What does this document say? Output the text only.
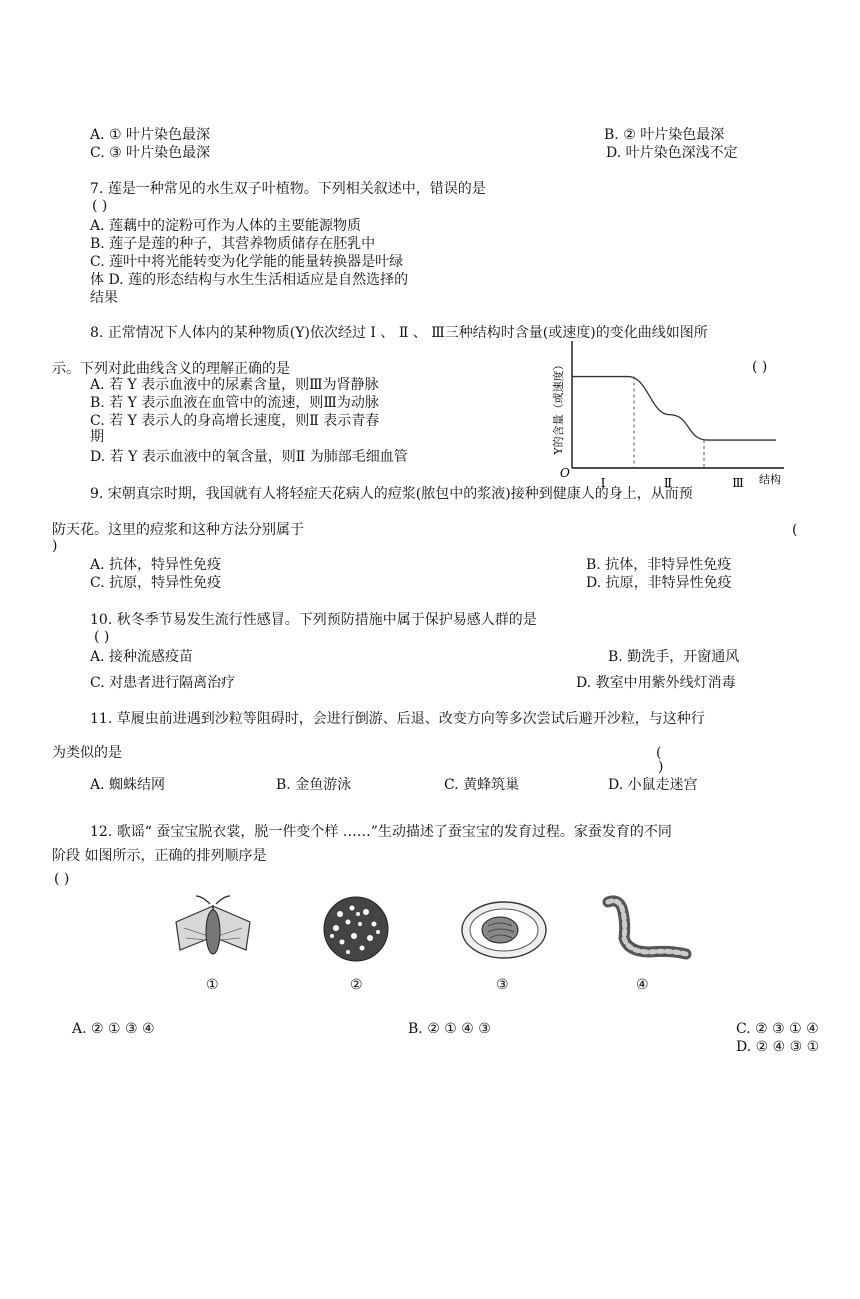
A. ① 叶片染色最深	B. ② 叶片染色最深
C. ③ 叶片染色最深	D. 叶片染色深浅不定
7. 莲是一种常见的水生双子叶植物。下列相关叙述中，错误的是
( )
A. 莲藕中的淀粉可作为人体的主要能源物质
B. 莲子是莲的种子，其营养物质储存在胚乳中
C. 莲叶中将光能转变为化学能的能量转换器是叶绿
体 D. 莲的形态结构与水生生活相适应是自然选择的
结果
8. 正常情况下人体内的某种物质(Y)依次经过 Ⅰ 、 Ⅱ 、 Ⅲ三种结构时含量(或速度)的变化曲线如图所
示。下列对此曲线含义的理解正确的是	( )
A. 若 Y 表示血液中的尿素含量，则Ⅲ为肾静脉
B. 若 Y 表示血液在血管中的流速，则Ⅲ为动脉
C. 若 Y 表示人的身高增长速度，则Ⅱ 表示青春
期
D. 若 Y 表示血液中的氧含量，则Ⅱ 为肺部毛细血管
Y的含量（或速度）
O
Ⅰ	Ⅱ	Ⅲ 结构
9. 宋朝真宗时期，我国就有人将轻症天花病人的痘浆(脓包中的浆液)接种到健康人的身上，从而预
防天花。这里的痘浆和这种方法分别属于	(
)
A. 抗体，特异性免疫	B. 抗体，非特异性免疫
C. 抗原，特异性免疫	D. 抗原，非特异性免疫
10. 秋冬季节易发生流行性感冒。下列预防措施中属于保护易感人群的是
( )
A. 接种流感疫苗	B. 勤洗手，开窗通风
C. 对患者进行隔离治疗	D. 教室中用紫外线灯消毒
11. 草履虫前进遇到沙粒等阻碍时，会进行倒游、后退、改变方向等多次尝试后避开沙粒，与这种行
为类似的是	(
)
A. 蜘蛛结网	B. 金鱼游泳	C. 黄蜂筑巢	D. 小鼠走迷宫
12. 歌谣“ 蚕宝宝脱衣裳，脱一件变个样 ……”生动描述了蚕宝宝的发育过程。家蚕发育的不同
阶段 如图所示，正确的排列顺序是
( )
①	②	③	④
A. ② ① ③ ④	B. ② ① ④ ③	C. ② ③ ① ④
D. ② ④ ③ ①
